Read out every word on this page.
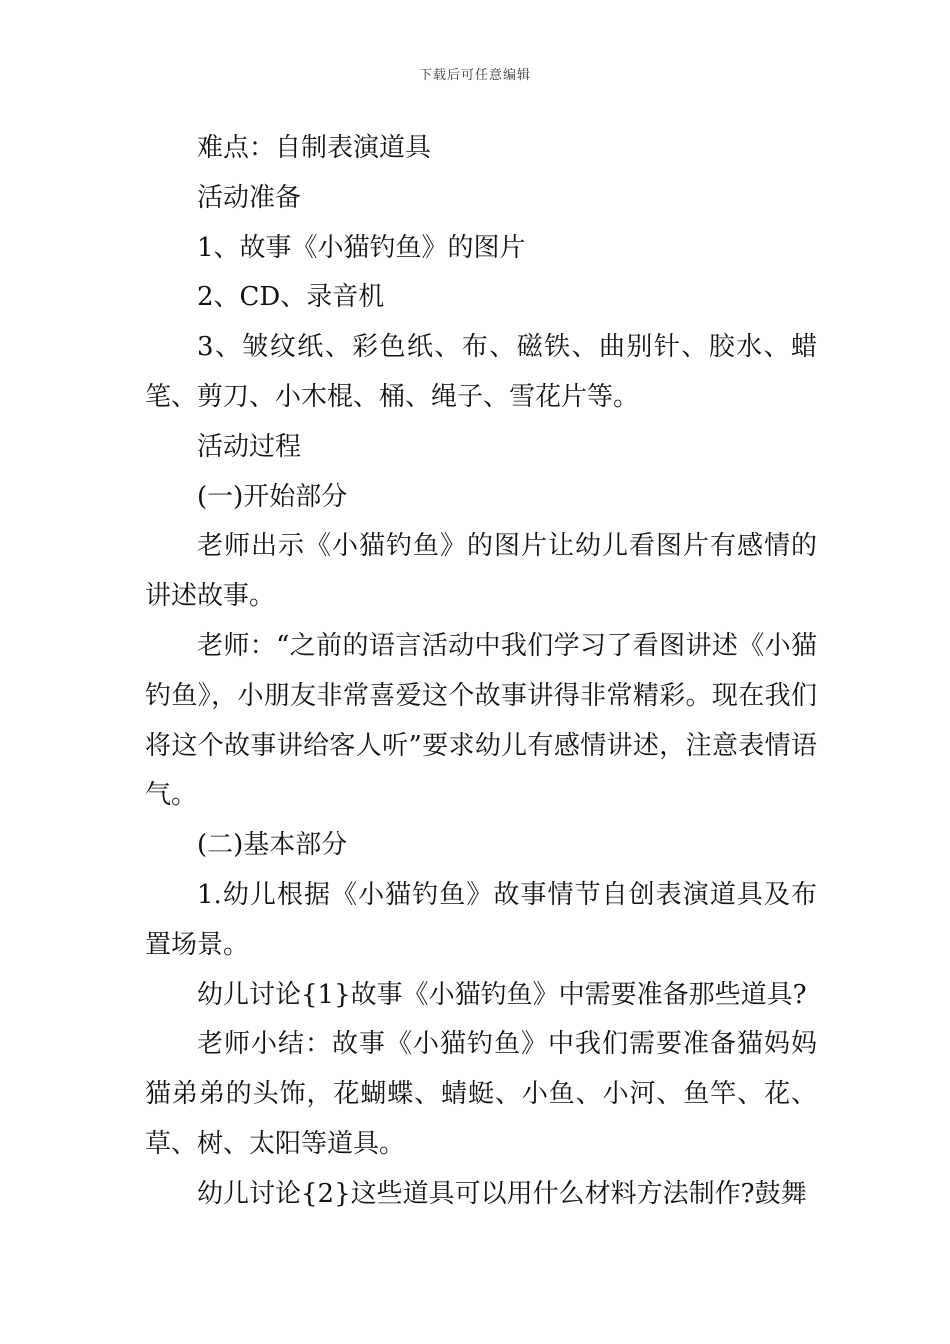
下载后可任意编辑

难点：自制表演道具

活动准备

1、故事《小猫钓鱼》的图片

2、CD、录音机

3、皱纹纸、彩色纸、布、磁铁、曲别针、胶水、蜡笔、剪刀、小木棍、桶、绳子、雪花片等。

活动过程

(一)开始部分

老师出示《小猫钓鱼》的图片让幼儿看图片有感情的讲述故事。

老师：“之前的语言活动中我们学习了看图讲述《小猫钓鱼》，小朋友非常喜爱这个故事讲得非常精彩。现在我们将这个故事讲给客人听”要求幼儿有感情讲述，注意表情语气。

(二)基本部分

1.幼儿根据《小猫钓鱼》故事情节自创表演道具及布置场景。

幼儿讨论{1}故事《小猫钓鱼》中需要准备那些道具?

老师小结：故事《小猫钓鱼》中我们需要准备猫妈妈猫弟弟的头饰，花蝴蝶、蜻蜓、小鱼、小河、鱼竿、花、草、树、太阳等道具。

幼儿讨论{2}这些道具可以用什么材料方法制作?鼓舞
